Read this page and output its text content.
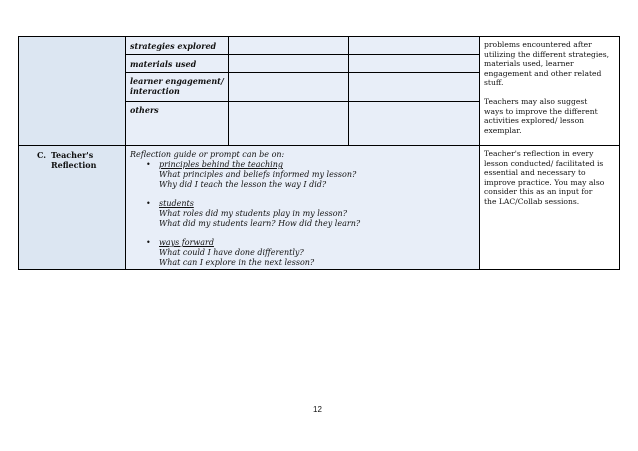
strategies explored
materials used
learner engagement/
interaction
others
problems encountered after
utilizing the different strategies,
materials used, learner
engagement and other related
stuff.
Teachers may also suggest
ways to improve the different
activities explored/ lesson
exemplar.
C. Teacher's
Reflection
Reflection guide or prompt can be on:
• principles behind the teaching
What principles and beliefs informed my lesson?
Why did I teach the lesson the way I did?
• students
What roles did my students play in my lesson?
What did my students learn? How did they learn?
• ways forward
What could I have done differently?
What can I explore in the next lesson?
Teacher's reflection in every
lesson conducted/ facilitated is
essential and necessary to
improve practice. You may also
consider this as an input for
the LAC/Collab sessions.
12
